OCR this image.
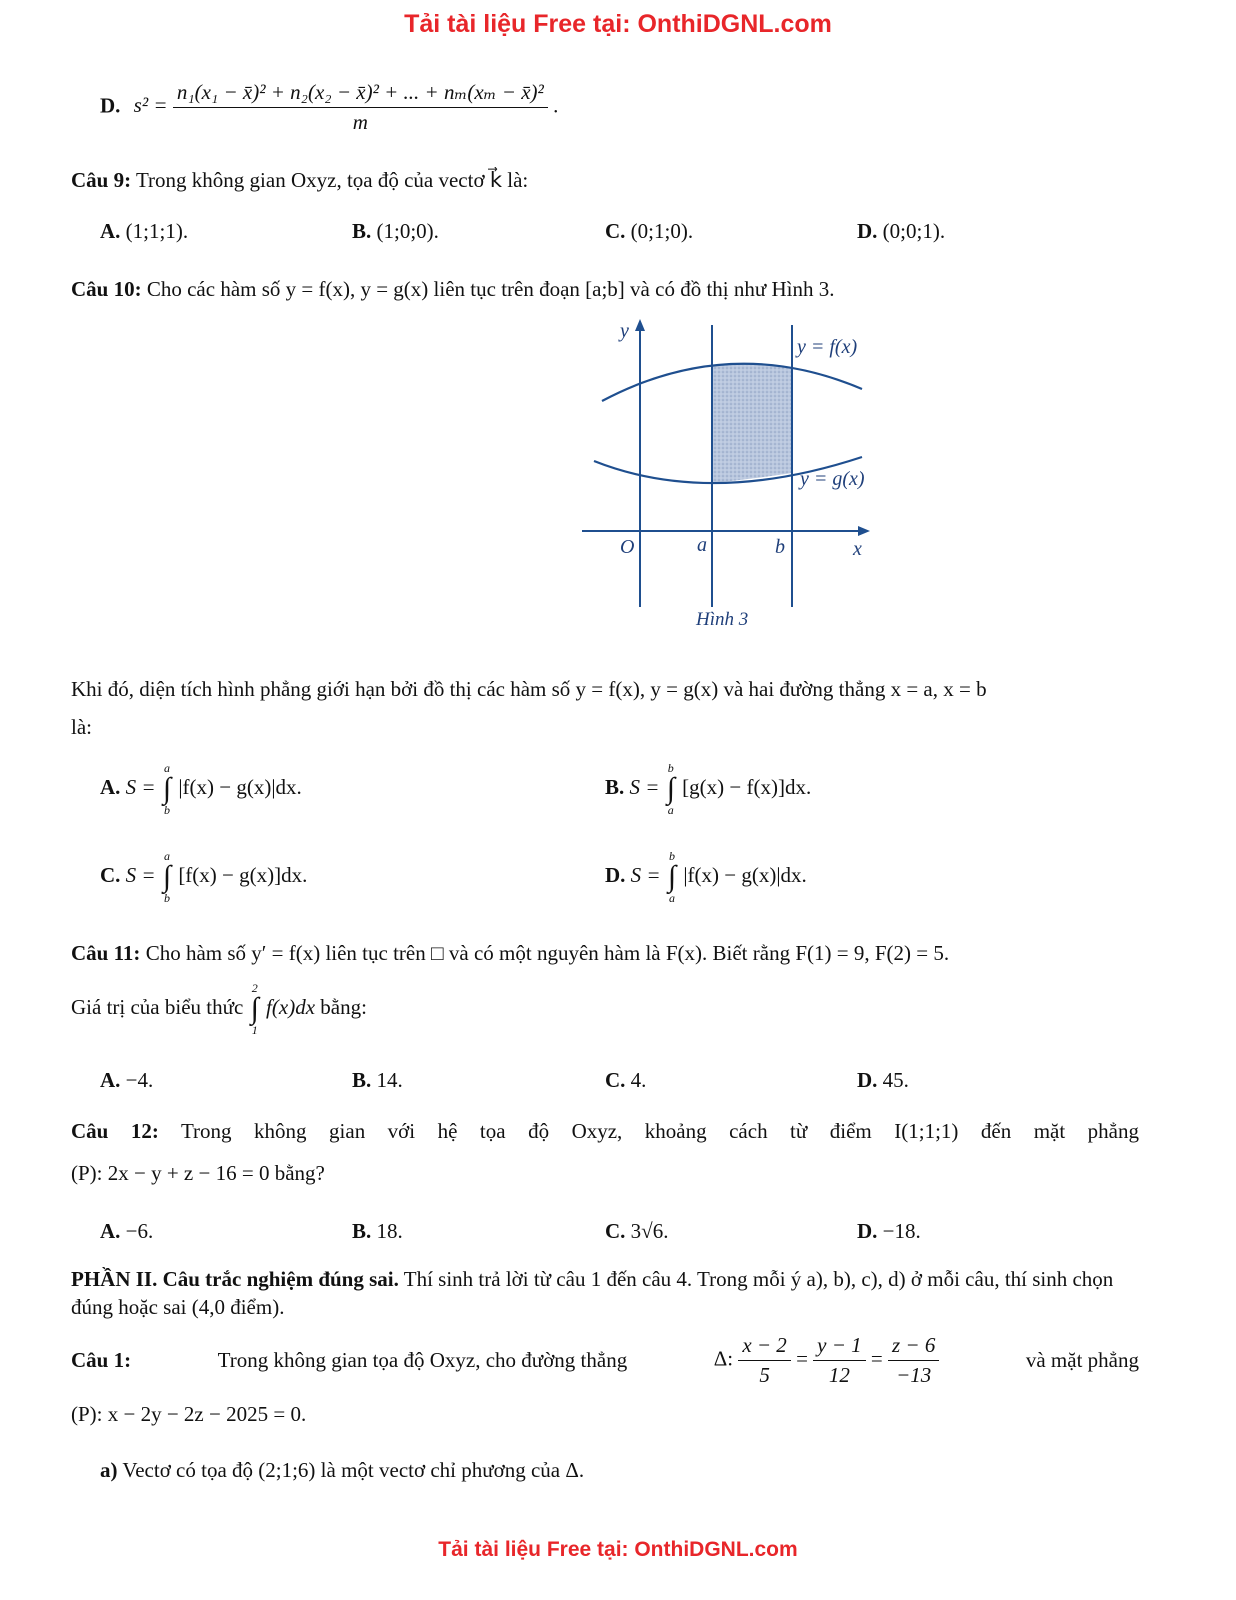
Tải tài liệu Free tại: OnthiDGNL.com
D. $s^2 = \frac{\text{n₁(x₁ − x̄)² + n₂(x₂ − x̄)² + ... + nₘ(xₘ − x̄)²}}{m}$ .
Câu 9: Trong không gian Oxyz, tọa độ của vectơ k⃗ là:
A. (1;1;1).	B. (1;0;0).	C. (0;1;0).	D. (0;0;1).
Câu 10: Cho các hàm số y = f(x), y = g(x) liên tục trên đoạn [a;b] và có đồ thị như Hình 3.
y
x
O	a	b
y = f(x)
y = g(x)
Hình 3
Khi đó, diện tích hình phẳng giới hạn bởi đồ thị các hàm số y = f(x), y = g(x) và hai đường thẳng x = a, x = b
là:
A. S =
a
∫
b
|f(x) − g(x)|dx.	B. S =
b
∫
a
[g(x) − f(x)]dx.
C. S =
a
∫
b
[f(x) − g(x)]dx.	D. S =
b
∫
a
|f(x) − g(x)|dx.
Câu 11: Cho hàm số y′ = f(x) liên tục trên □ và có một nguyên hàm là F(x). Biết rằng F(1) = 9, F(2) = 5.
Giá trị của biểu thức
2
∫
1
f(x)dx bằng:
A. −4.	B. 14.	C. 4.	D. 45.
Câu 12: Trong không gian với hệ tọa độ Oxyz, khoảng cách từ điểm I(1;1;1) đến mặt phẳng
(P): 2x − y + z − 16 = 0 bằng?
A. −6.	B. 18.	C. 3√6.	D. −18.
PHẦN II. Câu trắc nghiệm đúng sai. Thí sinh trả lời từ câu 1 đến câu 4. Trong mỗi ý a), b), c), d) ở mỗi câu, thí sinh chọn đúng hoặc sai (4,0 điểm).
Câu 1:	Trong không gian tọa độ Oxyz, cho đường thẳng	Δ: $\frac{x - 2}{5} = \frac{y - 1}{12} = \frac{z - 6}{-13}$	và mặt phẳng
(P): x − 2y − 2z − 2025 = 0.
a) Vectơ có tọa độ (2;1;6) là một vectơ chỉ phương của Δ.
Tải tài liệu Free tại: OnthiDGNL.com
